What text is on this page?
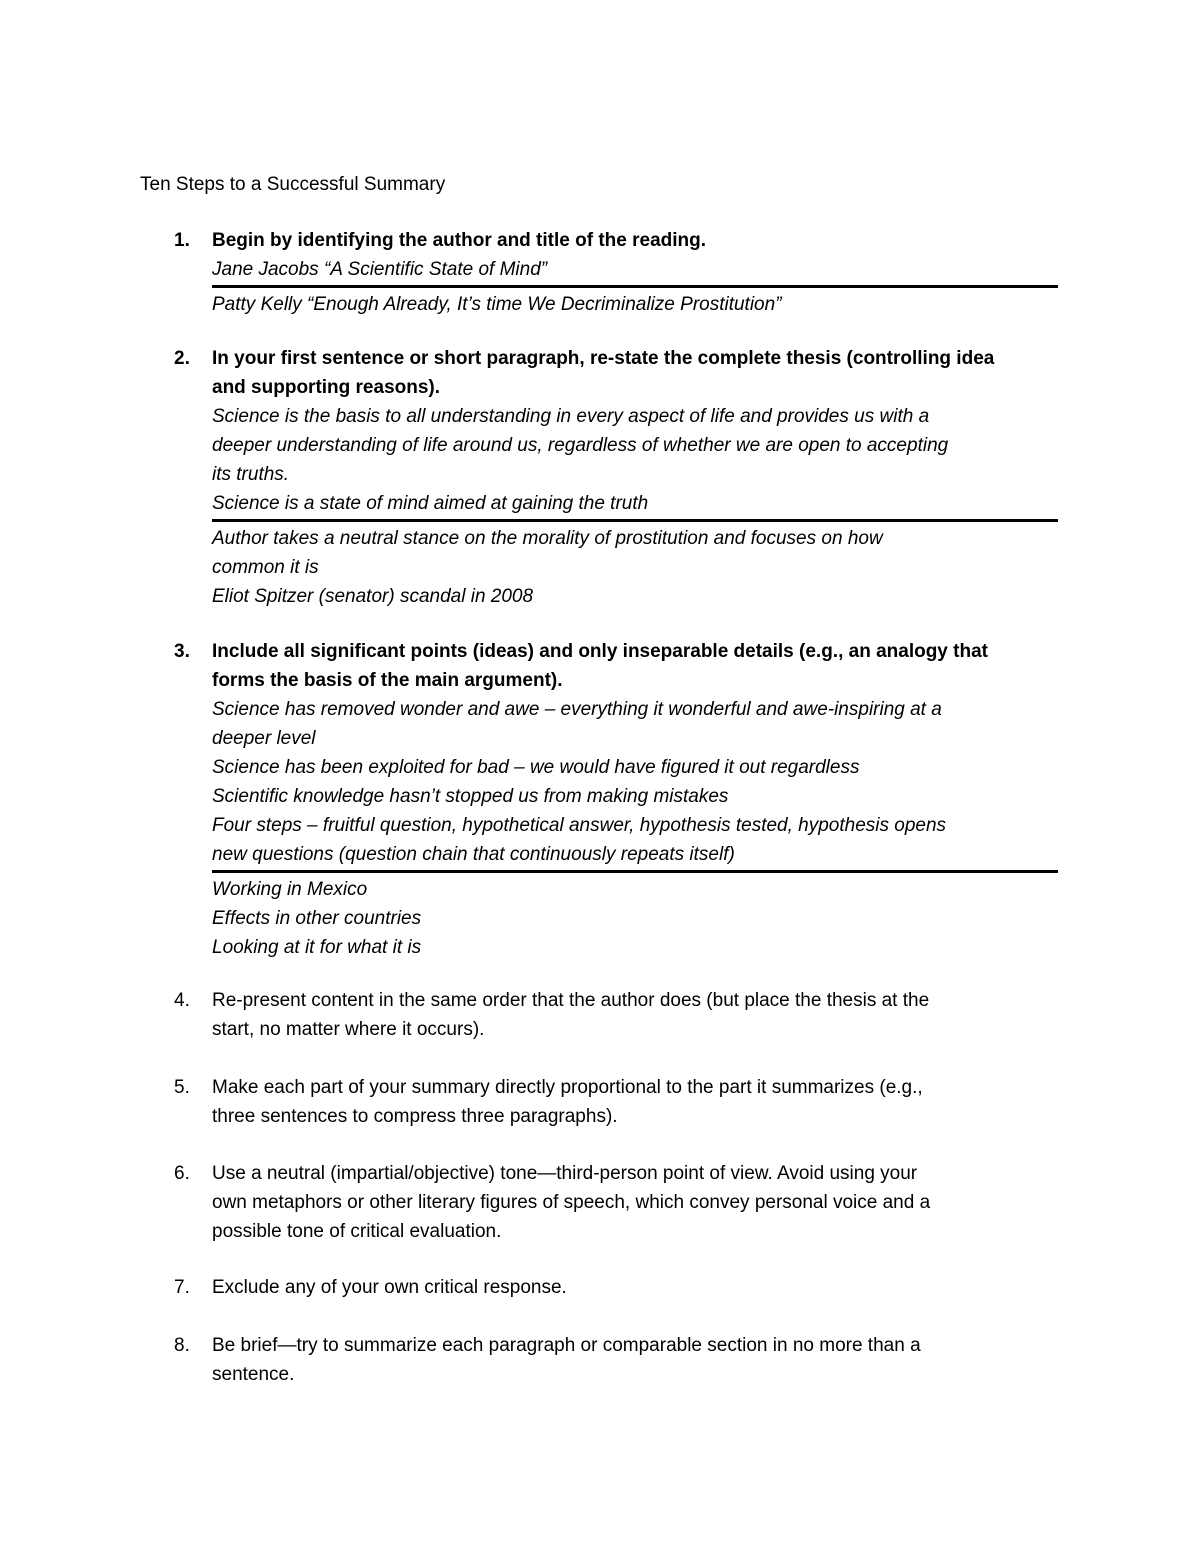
Ten Steps to a Successful Summary
1. Begin by identifying the author and title of the reading.
Jane Jacobs “A Scientific State of Mind”
Patty Kelly “Enough Already, It’s time We Decriminalize Prostitution”
2. In your first sentence or short paragraph, re-state the complete thesis (controlling idea
and supporting reasons).
Science is the basis to all understanding in every aspect of life and provides us with a
deeper understanding of life around us, regardless of whether we are open to accepting
its truths.
Science is a state of mind aimed at gaining the truth
Author takes a neutral stance on the morality of prostitution and focuses on how
common it is
Eliot Spitzer (senator) scandal in 2008
3. Include all significant points (ideas) and only inseparable details (e.g., an analogy that
forms the basis of the main argument).
Science has removed wonder and awe – everything it wonderful and awe-inspiring at a
deeper level
Science has been exploited for bad – we would have figured it out regardless
Scientific knowledge hasn’t stopped us from making mistakes
Four steps – fruitful question, hypothetical answer, hypothesis tested, hypothesis opens
new questions (question chain that continuously repeats itself)
Working in Mexico
Effects in other countries
Looking at it for what it is
4. Re-present content in the same order that the author does (but place the thesis at the
start, no matter where it occurs).
5. Make each part of your summary directly proportional to the part it summarizes (e.g.,
three sentences to compress three paragraphs).
6. Use a neutral (impartial/objective) tone—third-person point of view. Avoid using your
own metaphors or other literary figures of speech, which convey personal voice and a
possible tone of critical evaluation.
7. Exclude any of your own critical response.
8. Be brief—try to summarize each paragraph or comparable section in no more than a
sentence.
